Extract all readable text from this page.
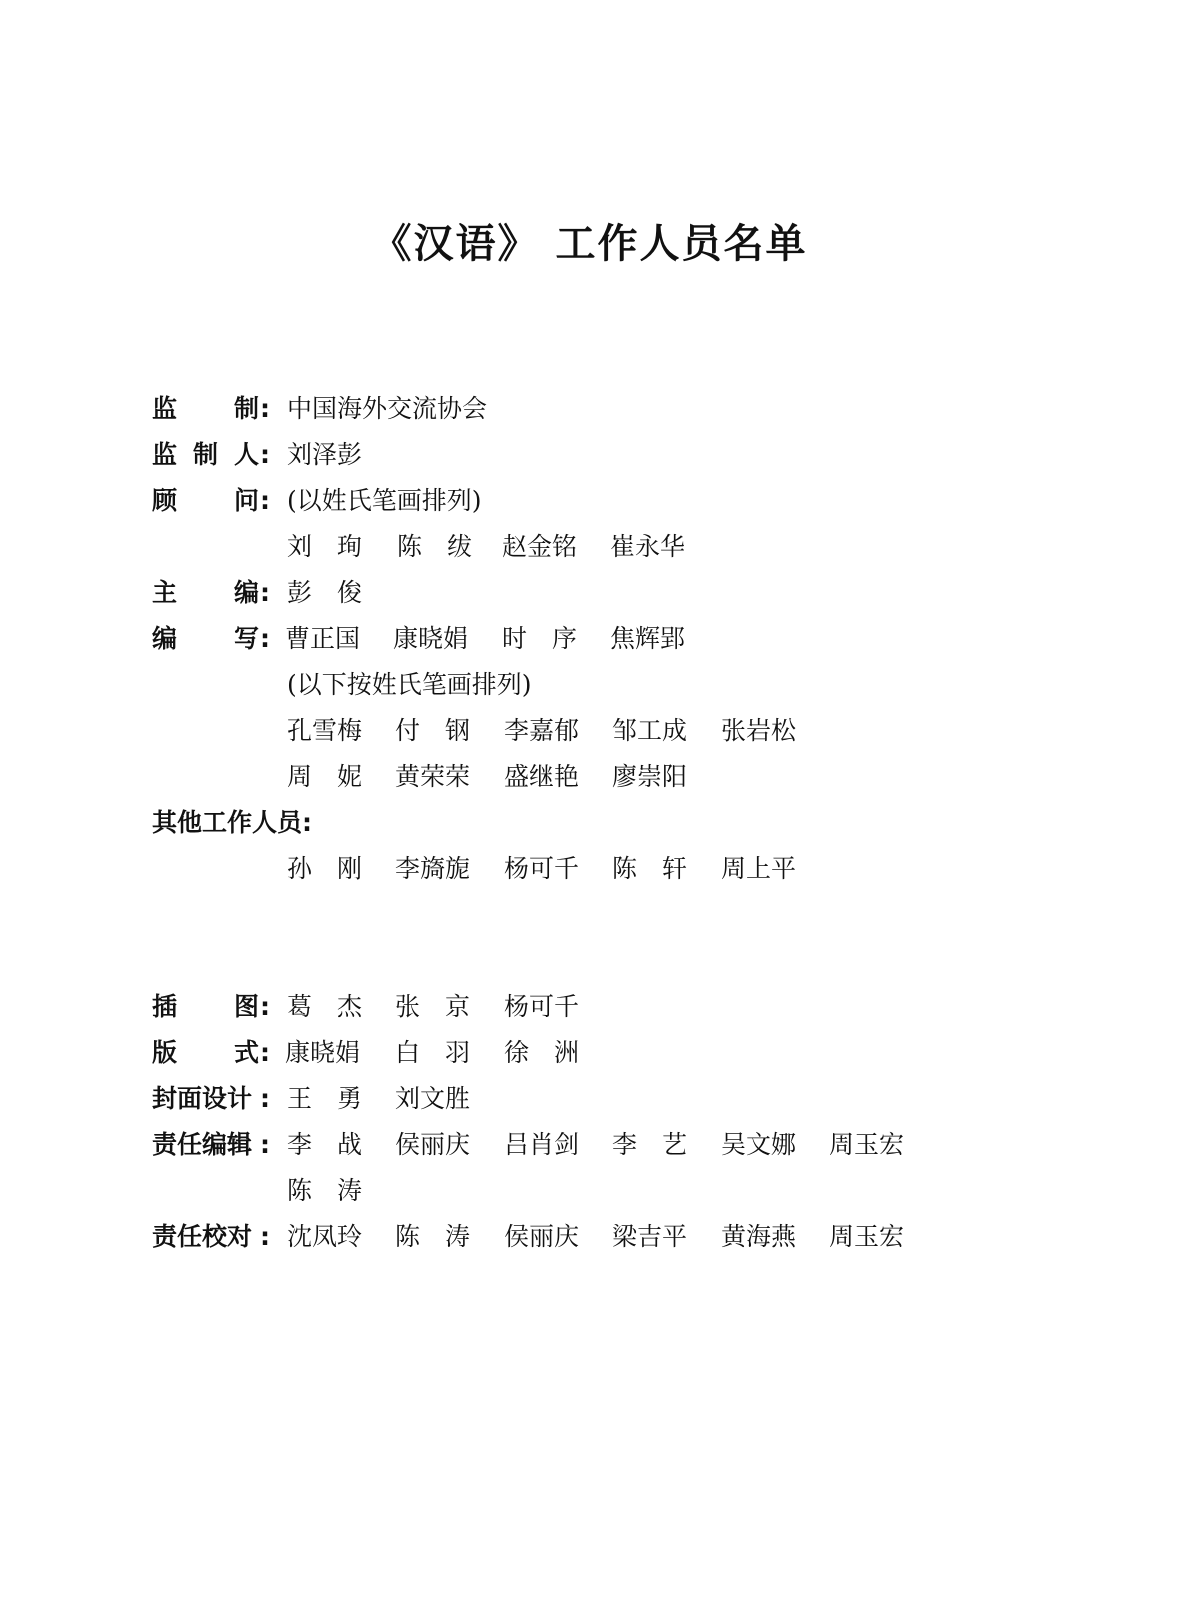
《汉语》 工作人员名单
监 制 : 中国海外交流协会
监 制 人 : 刘泽彭
顾 问 : (以姓氏笔画排列)
刘　珣 陈　绂 赵金铭 崔永华
主 编 : 彭　俊
编 写 : 曹正国 康晓娟 时　序 焦辉郢
(以下按姓氏笔画排列)
孔雪梅 付　钢 李嘉郁 邹工成 张岩松
周　妮 黄荣荣 盛继艳 廖崇阳
其他工作人员:
孙　刚 李旖旎 杨可千 陈　轩 周上平
插 图 : 葛　杰 张　京 杨可千
版 式 : 康晓娟 白　羽 徐　洲
封面设计 : 王　勇 刘文胜
责任编辑 : 李　战 侯丽庆 吕肖剑 李　艺 吴文娜 周玉宏
陈　涛
责任校对 : 沈凤玲 陈　涛 侯丽庆 梁吉平 黄海燕 周玉宏
